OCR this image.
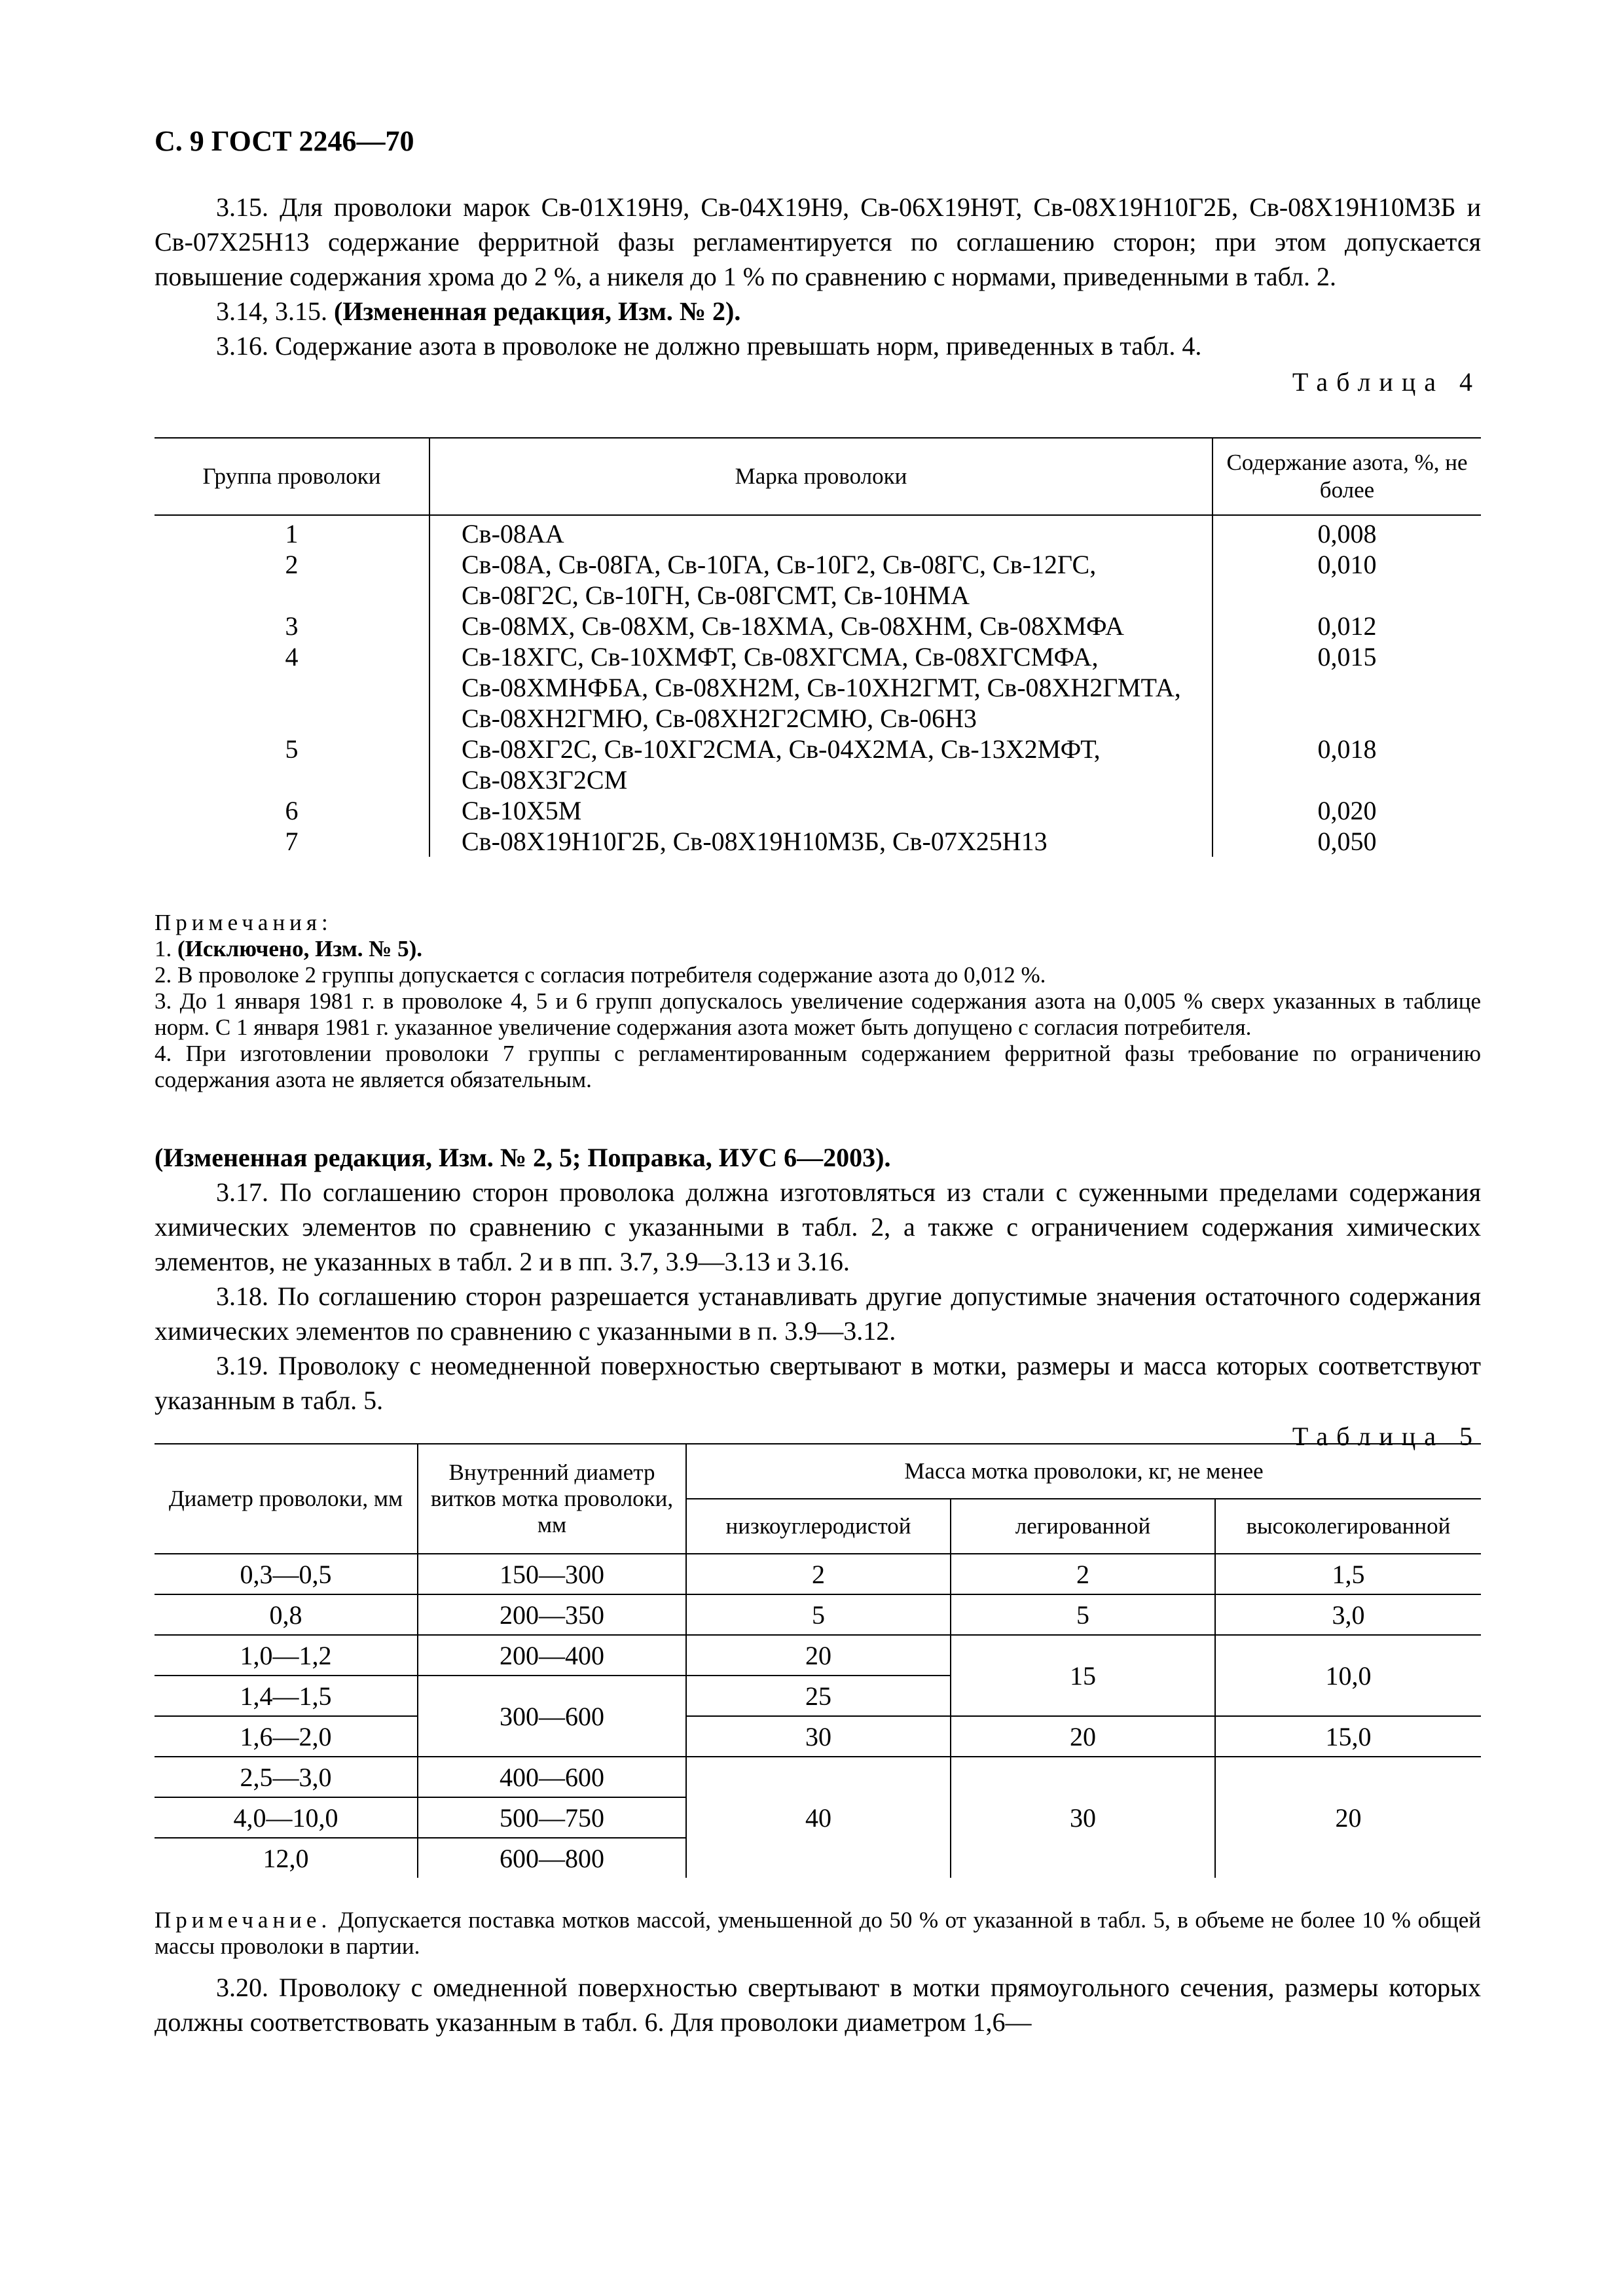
С. 9 ГОСТ 2246—70

3.15. Для проволоки марок Св-01Х19Н9, Св-04Х19Н9, Св-06Х19Н9Т, Св-08Х19Н10Г2Б, Св-08Х19Н10М3Б и Св-07Х25Н13 содержание ферритной фазы регламентируется по соглашению сторон; при этом допускается повышение содержания хрома до 2 %, а никеля до 1 % по сравнению с нормами, приведенными в табл. 2.

3.14, 3.15. (Измененная редакция, Изм. № 2).

3.16. Содержание азота в проволоке не должно превышать норм, приведенных в табл. 4.

Таблица 4

Группа проволоки	Марка проволоки	Содержание азота, %, не более
1	Св-08АА	0,008
2	Св-08А, Св-08ГА, Св-10ГА, Св-10Г2, Св-08ГС, Св-12ГС, Св-08Г2С, Св-10ГН, Св-08ГСМТ, Св-10НМА	0,010
3	Св-08МХ, Св-08ХМ, Св-18ХМА, Св-08ХНМ, Св-08ХМФА	0,012
4	Св-18ХГС, Св-10ХМФТ, Св-08ХГСМА, Св-08ХГСМФА, Св-08ХМНФБА, Св-08ХН2М, Св-10ХН2ГМТ, Св-08ХН2ГМТА, Св-08ХН2ГМЮ, Св-08ХН2Г2СМЮ, Св-06Н3	0,015
5	Св-08ХГ2С, Св-10ХГ2СМА, Св-04Х2МА, Св-13Х2МФТ, Св-08Х3Г2СМ	0,018
6	Св-10Х5М	0,020
7	Св-08Х19Н10Г2Б, Св-08Х19Н10М3Б, Св-07Х25Н13	0,050

Примечания:

1. (Исключено, Изм. № 5).

2. В проволоке 2 группы допускается с согласия потребителя содержание азота до 0,012 %.

3. До 1 января 1981 г. в проволоке 4, 5 и 6 групп допускалось увеличение содержания азота на 0,005 % сверх указанных в таблице норм. С 1 января 1981 г. указанное увеличение содержания азота может быть допущено с согласия потребителя.

4. При изготовлении проволоки 7 группы с регламентированным содержанием ферритной фазы требование по ограничению содержания азота не является обязательным.

(Измененная редакция, Изм. № 2, 5; Поправка, ИУС 6—2003).

3.17. По соглашению сторон проволока должна изготовляться из стали с суженными пределами содержания химических элементов по сравнению с указанными в табл. 2, а также с ограничением содержания химических элементов, не указанных в табл. 2 и в пп. 3.7, 3.9—3.13 и 3.16.

3.18. По соглашению сторон разрешается устанавливать другие допустимые значения остаточного содержания химических элементов по сравнению с указанными в п. 3.9—3.12.

3.19. Проволоку с неомедненной поверхностью свертывают в мотки, размеры и масса которых соответствуют указанным в табл. 5.

Таблица 5

Диаметр проволоки, мм	Внутренний диаметр витков мотка проволоки, мм	Масса мотка проволоки, кг, не менее		
		низкоуглеродистой	легированной	высоколегированной
0,3—0,5	150—300	2	2	1,5
0,8	200—350	5	5	3,0
1,0—1,2	200—400	20	15	10,0
1,4—1,5	300—600	25		
1,6—2,0		30	20	15,0
2,5—3,0	400—600	40	30	20
4,0—10,0	500—750			
12,0	600—800			

Примечание. Допускается поставка мотков массой, уменьшенной до 50 % от указанной в табл. 5, в объеме не более 10 % общей массы проволоки в партии.

3.20. Проволоку с омедненной поверхностью свертывают в мотки прямоугольного сечения, размеры которых должны соответствовать указанным в табл. 6. Для проволоки диаметром 1,6—
